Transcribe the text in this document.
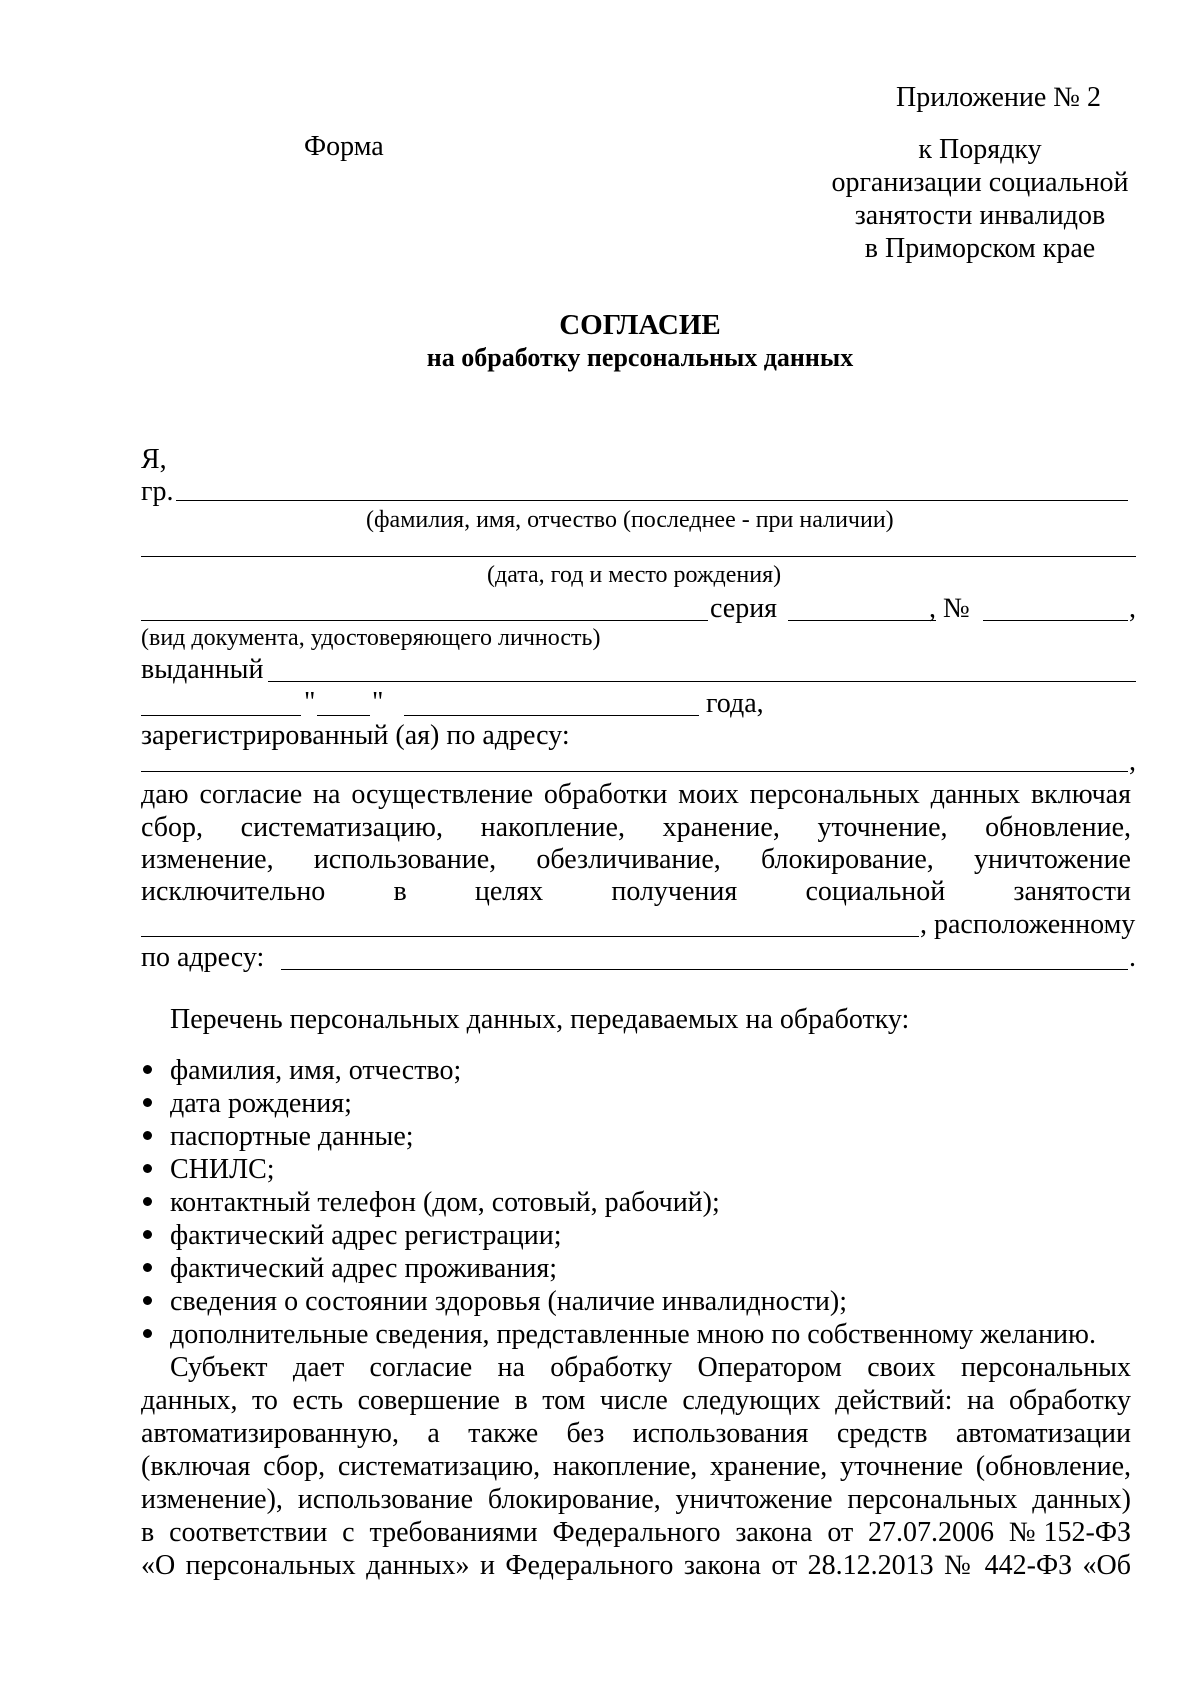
Приложение № 2
Форма	к Порядку
организации социальной
занятости инвалидов
в Приморском крае
СОГЛАСИЕ
на обработку персональных данных
Я,
гр.
(фамилия, имя, отчество (последнее - при наличии)
(дата, год и место рождения)
серия	, №	,
(вид документа, удостоверяющего личность)
выданный
" "	года,
зарегистрированный (ая) по адресу:
,
даю согласие на осуществление обработки моих персональных данных включая
сбор, систематизацию, накопление, хранение, уточнение, обновление,
изменение, использование, обезличивание, блокирование, уничтожение
исключительно в целях получения социальной занятости
, расположенному
по адресу:	.
Перечень персональных данных, передаваемых на обработку:
фамилия, имя, отчество;
дата рождения;
паспортные данные;
СНИЛС;
контактный телефон (дом, сотовый, рабочий);
фактический адрес регистрации;
фактический адрес проживания;
сведения о состоянии здоровья (наличие инвалидности);
дополнительные сведения, представленные мною по собственному желанию.
Субъект дает согласие на обработку Оператором своих персональных
данных, то есть совершение в том числе следующих действий: на обработку
автоматизированную, а также без использования средств автоматизации
(включая сбор, систематизацию, накопление, хранение, уточнение (обновление,
изменение), использование блокирование, уничтожение персональных данных)
в соответствии с требованиями Федерального закона от 27.07.2006 №152-ФЗ
«О персональных данных» и Федерального закона от 28.12.2013 № 442-ФЗ «Об
